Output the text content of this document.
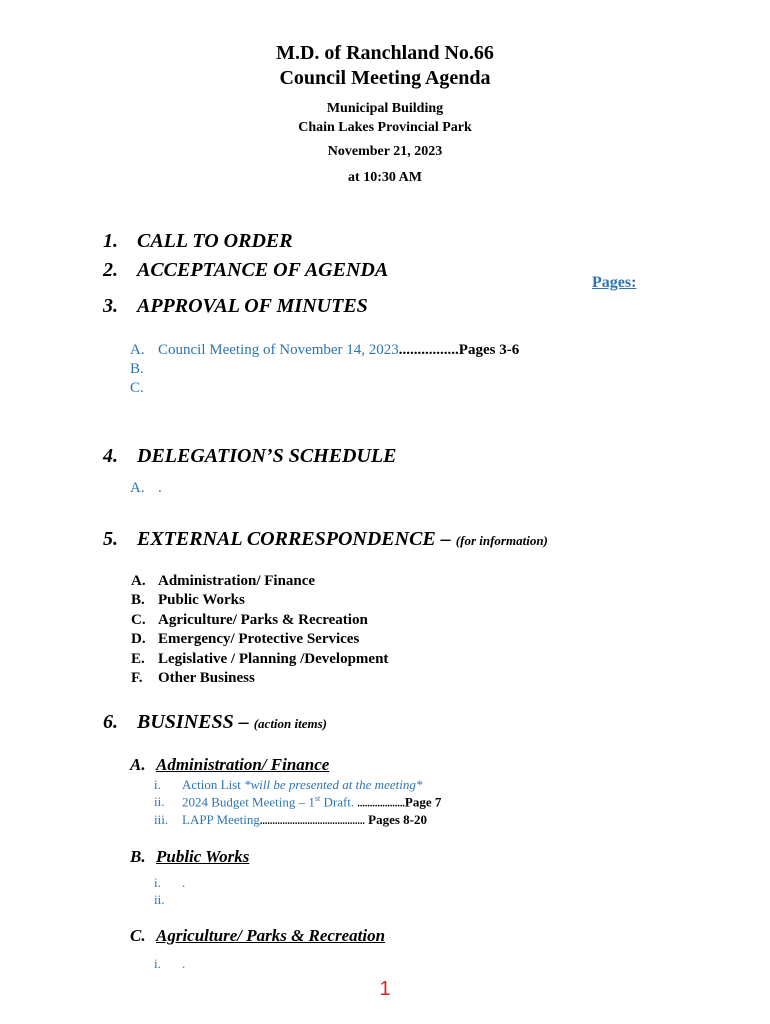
M.D. of Ranchland No.66
Council Meeting Agenda
Municipal Building
Chain Lakes Provincial Park
November 21, 2023
at 10:30 AM
Pages:
1. CALL TO ORDER
2. ACCEPTANCE OF AGENDA
3. APPROVAL OF MINUTES
A. Council Meeting of November 14, 2023................Pages 3-6
B.
C.
4. DELEGATION’S SCHEDULE
A. .
5. EXTERNAL CORRESPONDENCE – (for information)
A. Administration/ Finance
B. Public Works
C. Agriculture/ Parks & Recreation
D. Emergency/ Protective Services
E. Legislative / Planning /Development
F. Other Business
6. BUSINESS – (action items)
A. Administration/ Finance
i. Action List *will be presented at the meeting*
ii. 2024 Budget Meeting – 1st Draft. ...................Page 7
iii. LAPP Meeting.......................................... Pages 8-20
B. Public Works
i. .
ii.
C. Agriculture/ Parks & Recreation
i. .
1
